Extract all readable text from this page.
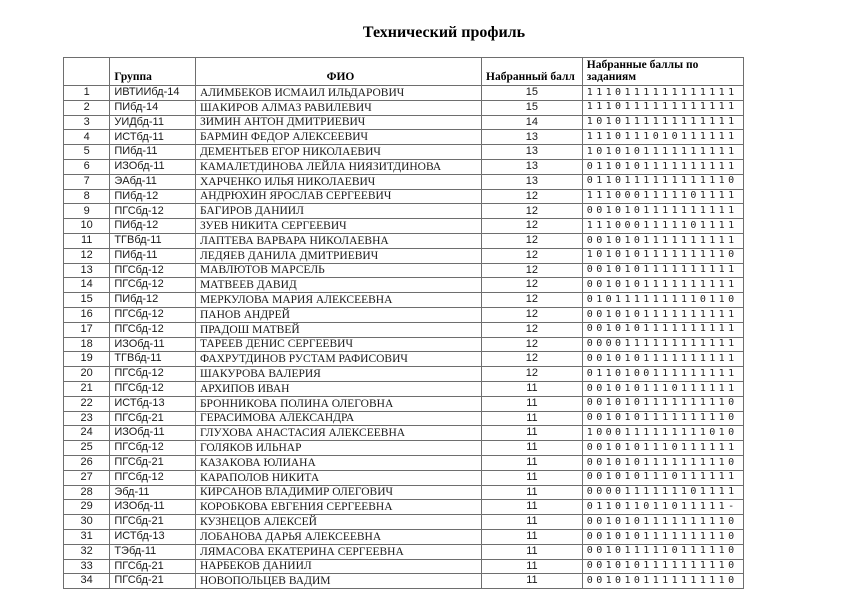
Технический профиль
	Группа	ФИО	Набранный балл	Набранные баллы по заданиям
1	ИВТИИбд-14	АЛИМБЕКОВ ИСМАИЛ ИЛЬДАРОВИЧ	15	1110111111111111
2	ПИбд-14	ШАКИРОВ АЛМАЗ РАВИЛЕВИЧ	15	1110111111111111
3	УИДбд-11	ЗИМИН АНТОН ДМИТРИЕВИЧ	14	1010111111111111
4	ИСТбд-11	БАРМИН ФЕДОР АЛЕКСЕЕВИЧ	13	1110111010111111
5	ПИбд-11	ДЕМЕНТЬЕВ ЕГОР НИКОЛАЕВИЧ	13	1010101111111111
6	ИЗОбд-11	КАМАЛЕТДИНОВА ЛЕЙЛА НИЯЗИТДИНОВА	13	0110101111111111
7	ЭАбд-11	ХАРЧЕНКО ИЛЬЯ НИКОЛАЕВИЧ	13	0110111111111110
8	ПИбд-12	АНДРЮХИН ЯРОСЛАВ СЕРГЕЕВИЧ	12	1110001111101111
9	ПГСбд-12	БАГИРОВ ДАНИИЛ	12	0010101111111111
10	ПИбд-12	ЗУЕВ НИКИТА СЕРГЕЕВИЧ	12	1110001111101111
11	ТГВбд-11	ЛАПТЕВА ВАРВАРА НИКОЛАЕВНА	12	0010101111111111
12	ПИбд-11	ЛЕДЯЕВ ДАНИЛА ДМИТРИЕВИЧ	12	1010101111111110
13	ПГСбд-12	МАВЛЮТОВ МАРСЕЛЬ	12	0010101111111111
14	ПГСбд-12	МАТВЕЕВ ДАВИД	12	0010101111111111
15	ПИбд-12	МЕРКУЛОВА МАРИЯ АЛЕКСЕЕВНА	12	0101111111110110
16	ПГСбд-12	ПАНОВ АНДРЕЙ	12	0010101111111111
17	ПГСбд-12	ПРАДОШ МАТВЕЙ	12	0010101111111111
18	ИЗОбд-11	ТАРЕЕВ ДЕНИС СЕРГЕЕВИЧ	12	0000111111111111
19	ТГВбд-11	ФАХРУТДИНОВ РУСТАМ РАФИСОВИЧ	12	0010101111111111
20	ПГСбд-12	ШАКУРОВА ВАЛЕРИЯ	12	0110100111111111
21	ПГСбд-12	АРХИПОВ ИВАН	11	0010101110111111
22	ИСТбд-13	БРОННИКОВА ПОЛИНА ОЛЕГОВНА	11	0010101111111110
23	ПГСбд-21	ГЕРАСИМОВА АЛЕКСАНДРА	11	0010101111111110
24	ИЗОбд-11	ГЛУХОВА АНАСТАСИЯ АЛЕКСЕЕВНА	11	1000111111111010
25	ПГСбд-12	ГОЛЯКОВ ИЛЬНАР	11	0010101110111111
26	ПГСбд-21	КАЗАКОВА ЮЛИАНА	11	0010101111111110
27	ПГСбд-12	КАРАПОЛОВ НИКИТА	11	0010101110111111
28	Эбд-11	КИРСАНОВ ВЛАДИМИР ОЛЕГОВИЧ	11	0000111111101111
29	ИЗОбд-11	КОРОБКОВА ЕВГЕНИЯ СЕРГЕЕВНА	11	011011011011111-
30	ПГСбд-21	КУЗНЕЦОВ АЛЕКСЕЙ	11	0010101111111110
31	ИСТбд-13	ЛОБАНОВА ДАРЬЯ АЛЕКСЕЕВНА	11	0010101111111110
32	ТЭбд-11	ЛЯМАСОВА ЕКАТЕРИНА СЕРГЕЕВНА	11	0010111110111110
33	ПГСбд-21	НАРБЕКОВ ДАНИИЛ	11	0010101111111110
34	ПГСбд-21	НОВОПОЛЬЦЕВ ВАДИМ	11	0010101111111110
